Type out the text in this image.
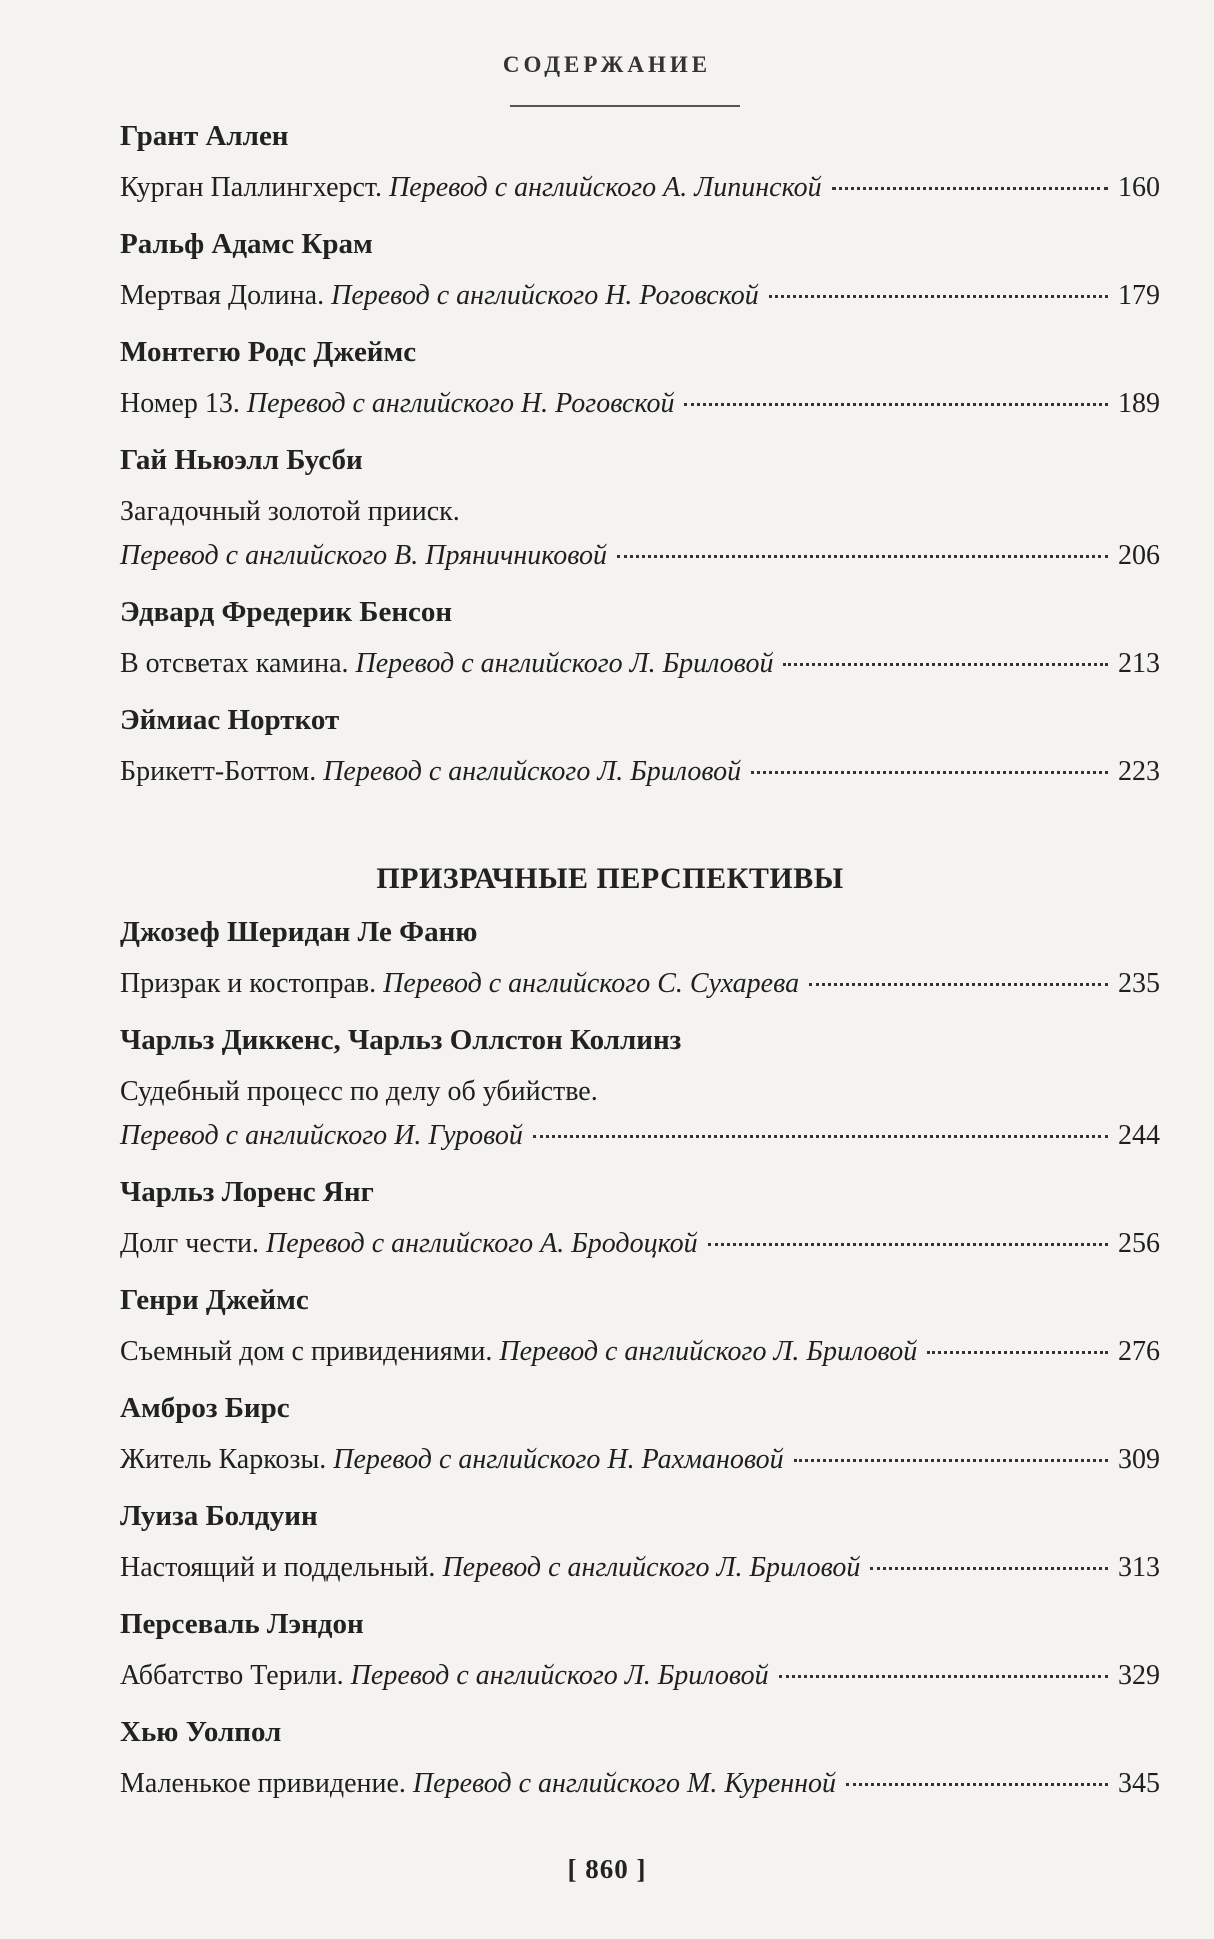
СОДЕРЖАНИЕ
Грант Аллен
Курган Паллингхерст.
Перевод с английского А. Липинской	160
Ральф Адамс Крам
Мертвая Долина.
Перевод с английского Н. Роговской	179
Монтегю Родс Джеймс
Номер 13.
Перевод с английского Н. Роговской	189
Гай Ньюэлл Бусби
Загадочный золотой прииск.
Перевод с английского В. Пряничниковой	206
Эдвард Фредерик Бенсон
В отсветах камина.
Перевод с английского Л. Бриловой	213
Эймиас Норткот
Брикетт-Боттом.
Перевод с английского Л. Бриловой	223
ПРИЗРАЧНЫЕ ПЕРСПЕКТИВЫ
Джозеф Шеридан Ле Фаню
Призрак и костоправ.
Перевод с английского С. Сухарева	235
Чарльз Диккенс, Чарльз Оллстон Коллинз
Судебный процесс по делу об убийстве.
Перевод с английского И. Гуровой	244
Чарльз Лоренс Янг
Долг чести.
Перевод с английского А. Бродоцкой	256
Генри Джеймс
Съемный дом с привидениями.
Перевод с английского Л. Бриловой	276
Амброз Бирс
Житель Каркозы.
Перевод с английского Н. Рахмановой	309
Луиза Болдуин
Настоящий и поддельный.
Перевод с английского Л. Бриловой	313
Персеваль Лэндон
Аббатство Терили.
Перевод с английского Л. Бриловой	329
Хью Уолпол
Маленькое привидение.
Перевод с английского М. Куренной	345
[ 860 ]
